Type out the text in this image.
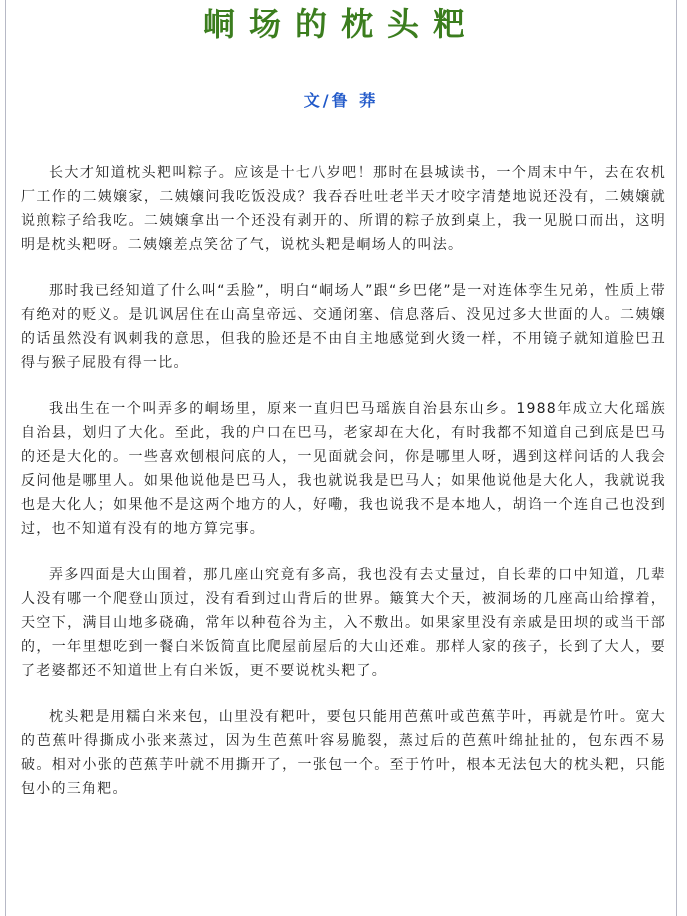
峒场的枕头粑
文/鲁 莽

长大才知道枕头粑叫粽子。应该是十七八岁吧！那时在县城读书，一个周末中午，去在农机厂工作的二姨嬢家，二姨嬢问我吃饭没成？我吞吞吐吐老半天才咬字清楚地说还没有，二姨嬢就说煎粽子给我吃。二姨嬢拿出一个还没有剥开的、所谓的粽子放到桌上，我一见脱口而出，这明明是枕头粑呀。二姨嬢差点笑岔了气，说枕头粑是峒场人的叫法。

那时我已经知道了什么叫“丢脸”，明白“峒场人”跟“乡巴佬”是一对连体孪生兄弟，性质上带有绝对的贬义。是讥讽居住在山高皇帝远、交通闭塞、信息落后、没见过多大世面的人。二姨嬢的话虽然没有讽刺我的意思，但我的脸还是不由自主地感觉到火烫一样，不用镜子就知道脸巴丑得与猴子屁股有得一比。

我出生在一个叫弄多的峒场里，原来一直归巴马瑶族自治县东山乡。1988年成立大化瑶族自治县，划归了大化。至此，我的户口在巴马，老家却在大化，有时我都不知道自己到底是巴马的还是大化的。一些喜欢刨根问底的人，一见面就会问，你是哪里人呀，遇到这样问话的人我会反问他是哪里人。如果他说他是巴马人，我也就说我是巴马人；如果他说他是大化人，我就说我也是大化人；如果他不是这两个地方的人，好嘞，我也说我不是本地人，胡诌一个连自己也没到过，也不知道有没有的地方算完事。

弄多四面是大山围着，那几座山究竟有多高，我也没有去丈量过，自长辈的口中知道，几辈人没有哪一个爬登山顶过，没有看到过山背后的世界。簸箕大个天，被洞场的几座高山给撑着，天空下，满目山地多硗确，常年以种苞谷为主，入不敷出。如果家里没有亲戚是田坝的或当干部的，一年里想吃到一餐白米饭简直比爬屋前屋后的大山还难。那样人家的孩子，长到了大人，要了老婆都还不知道世上有白米饭，更不要说枕头粑了。

枕头粑是用糯白米来包，山里没有粑叶，要包只能用芭蕉叶或芭蕉芋叶，再就是竹叶。宽大的芭蕉叶得撕成小张来蒸过，因为生芭蕉叶容易脆裂，蒸过后的芭蕉叶绵扯扯的，包东西不易破。相对小张的芭蕉芋叶就不用撕开了，一张包一个。至于竹叶，根本无法包大的枕头粑，只能包小的三角粑。
